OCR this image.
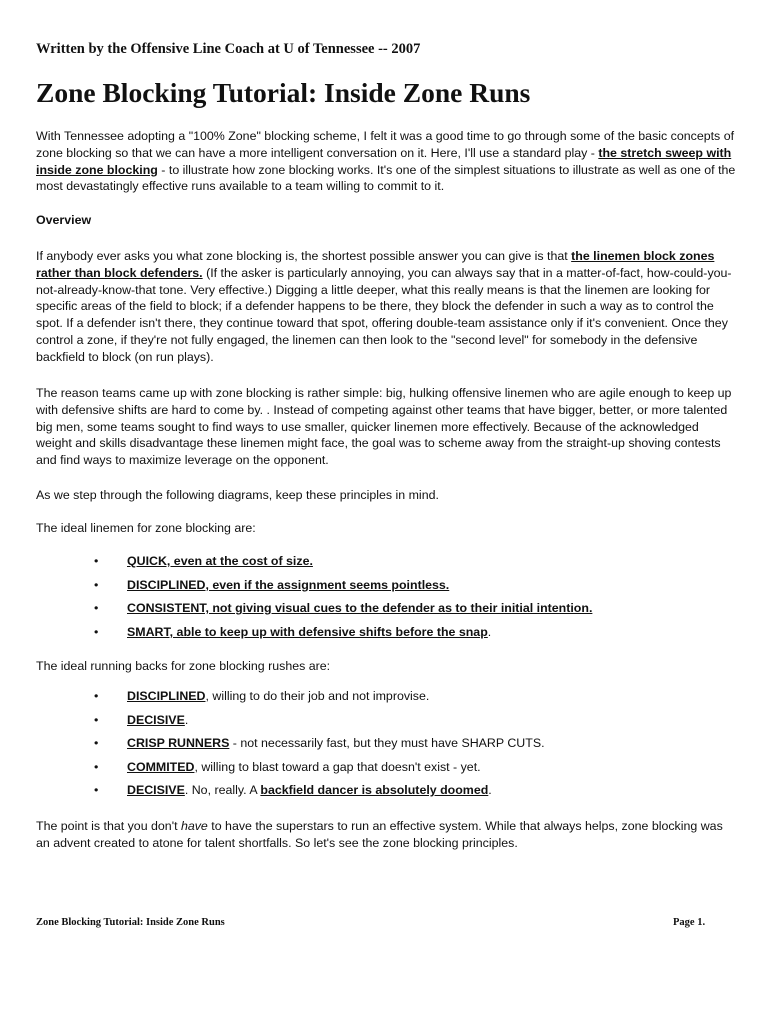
Written by the Offensive Line Coach at U of Tennessee -- 2007

Zone Blocking Tutorial: Inside Zone Runs

With Tennessee adopting a "100% Zone" blocking scheme, I felt it was a good time to go through some of the basic concepts of zone blocking so that we can have a more intelligent conversation on it. Here, I'll use a standard play - the stretch sweep with inside zone blocking - to illustrate how zone blocking works. It's one of the simplest situations to illustrate as well as one of the most devastatingly effective runs available to a team willing to commit to it.

Overview

If anybody ever asks you what zone blocking is, the shortest possible answer you can give is that the linemen block zones rather than block defenders. (If the asker is particularly annoying, you can always say that in a matter-of-fact, how-could-you-not-already-know-that tone. Very effective.) Digging a little deeper, what this really means is that the linemen are looking for specific areas of the field to block; if a defender happens to be there, they block the defender in such a way as to control the spot. If a defender isn't there, they continue toward that spot, offering double-team assistance only if it's convenient. Once they control a zone, if they're not fully engaged, the linemen can then look to the "second level" for somebody in the defensive backfield to block (on run plays).

The reason teams came up with zone blocking is rather simple: big, hulking offensive linemen who are agile enough to keep up with defensive shifts are hard to come by. . Instead of competing against other teams that have bigger, better, or more talented big men, some teams sought to find ways to use smaller, quicker linemen more effectively. Because of the acknowledged weight and skills disadvantage these linemen might face, the goal was to scheme away from the straight-up shoving contests and find ways to maximize leverage on the opponent.

As we step through the following diagrams, keep these principles in mind.

The ideal linemen for zone blocking are:

• QUICK, even at the cost of size.
• DISCIPLINED, even if the assignment seems pointless.
• CONSISTENT, not giving visual cues to the defender as to their initial intention.
• SMART, able to keep up with defensive shifts before the snap.

The ideal running backs for zone blocking rushes are:

• DISCIPLINED, willing to do their job and not improvise.
• DECISIVE.
• CRISP RUNNERS - not necessarily fast, but they must have SHARP CUTS.
• COMMITED, willing to blast toward a gap that doesn't exist - yet.
• DECISIVE. No, really. A backfield dancer is absolutely doomed.

The point is that you don't have to have the superstars to run an effective system. While that always helps, zone blocking was an advent created to atone for talent shortfalls. So let's see the zone blocking principles.

Zone Blocking Tutorial: Inside Zone Runs	Page 1.
